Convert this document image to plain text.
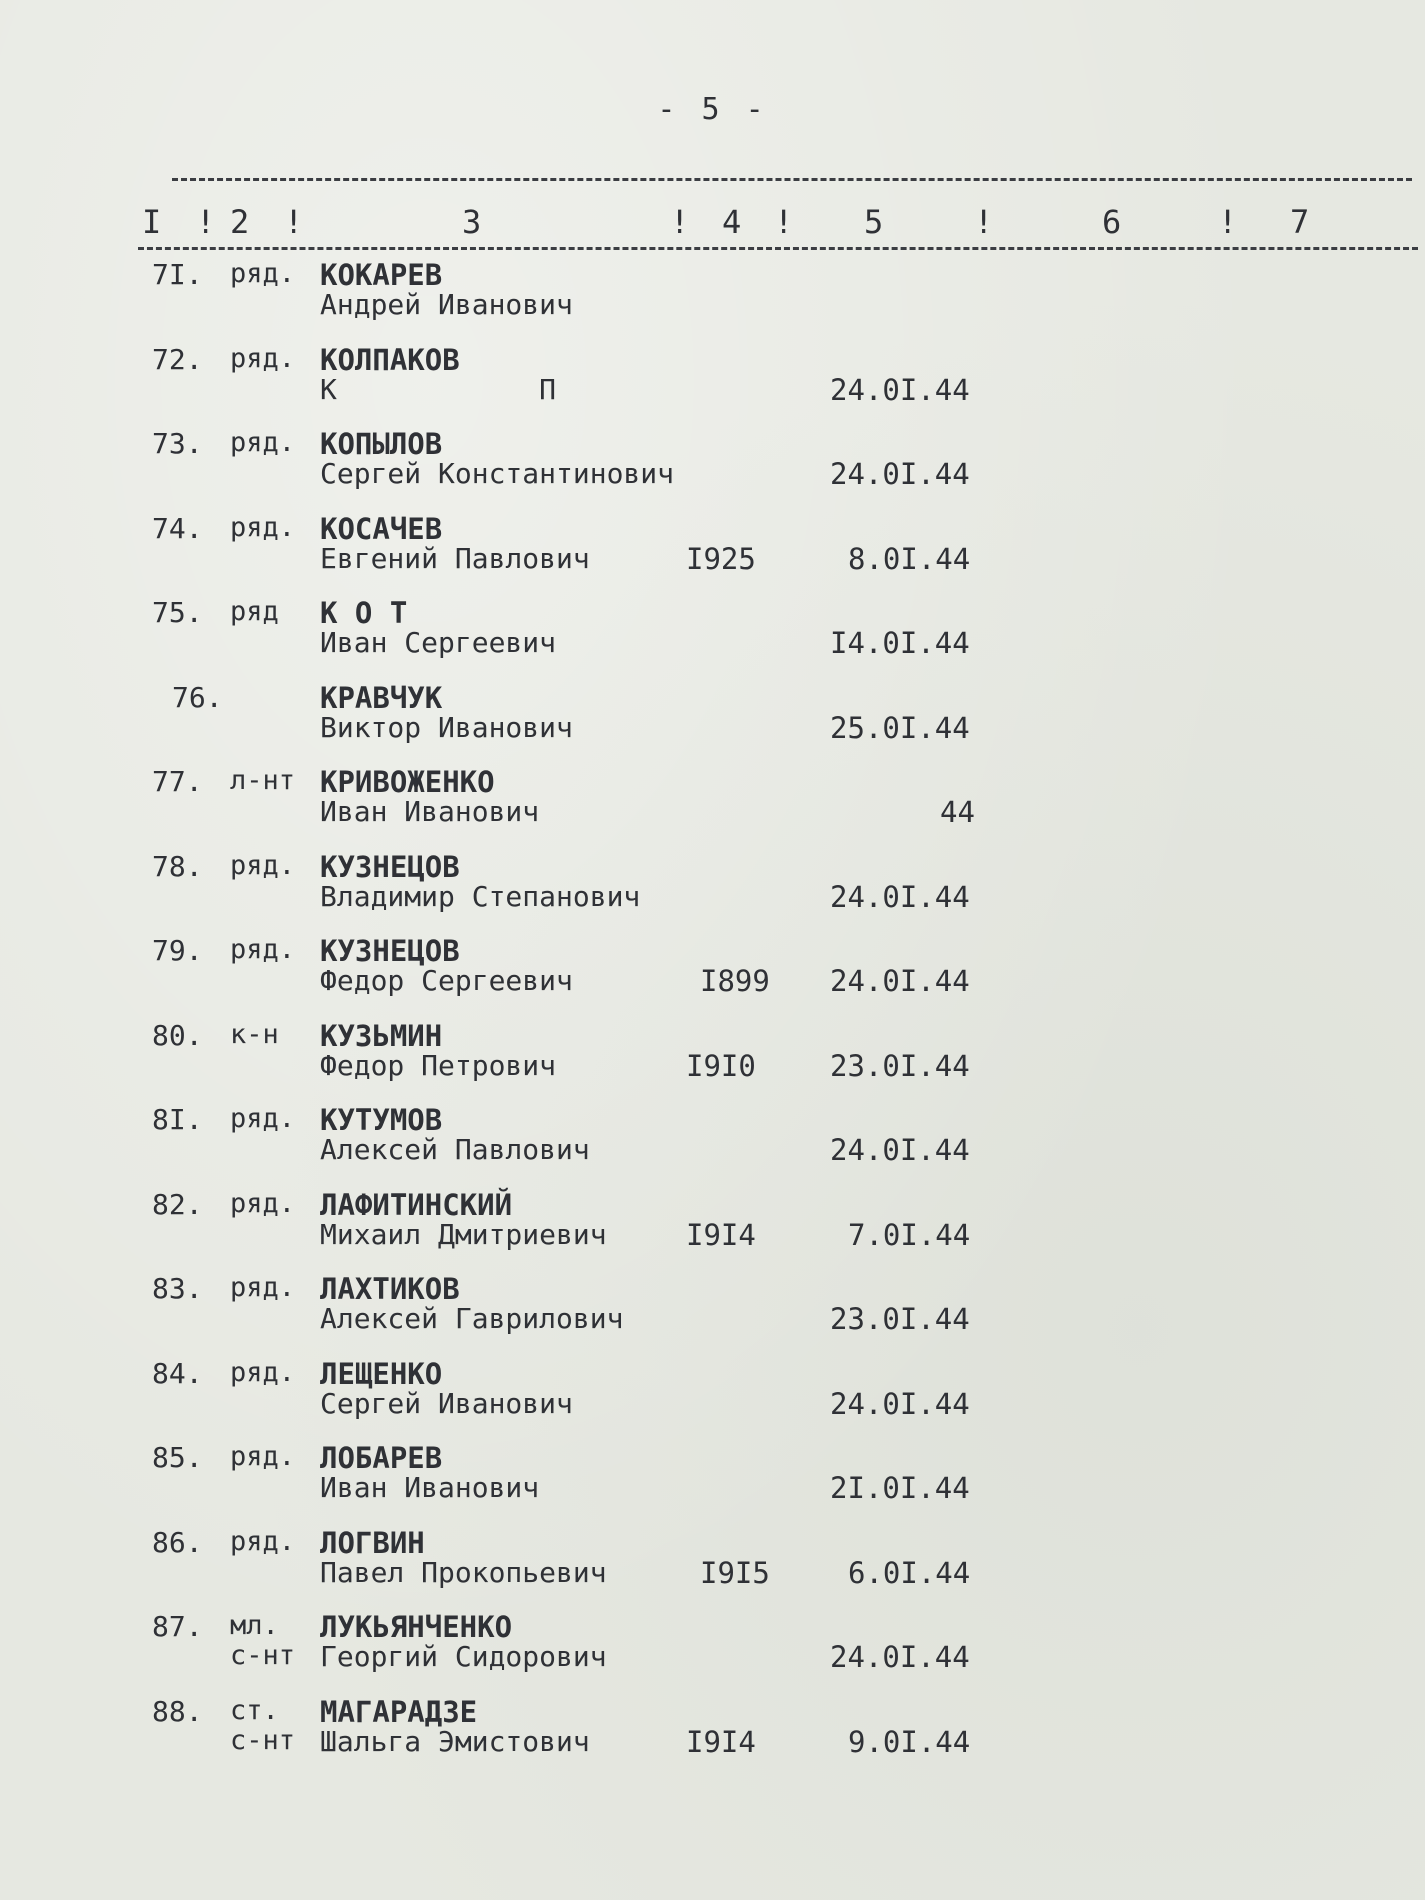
- 5 -
I ! 2 !	3	! 4 ! 5	!	6	! 7
7I. ряд. КОКАРЕВ
Андрей Иванович
72. ряд. КОЛПАКОВ
К            П	24.0I.44
73. ряд. КОПЫЛОВ
Сергей Константинович	24.0I.44
74. ряд. КОСАЧЕВ
Евгений Павлович	I925	8.0I.44
75. ряд К О Т
Иван Сергеевич	I4.0I.44
76.	КРАВЧУК
Виктор Иванович	25.0I.44
77. л-нт КРИВОЖЕНКО
Иван Иванович	44
78. ряд. КУЗНЕЦОВ
Владимир Степанович	24.0I.44
79. ряд. КУЗНЕЦОВ
Федор Сергеевич	I899 24.0I.44
80. к-н КУЗЬМИН
Федор Петрович	I9I0	23.0I.44
8I. ряд. КУТУМОВ
Алексей Павлович	24.0I.44
82. ряд. ЛАФИТИНСКИЙ
Михаил Дмитриевич	I9I4	7.0I.44
83. ряд. ЛАХТИКОВ
Алексей Гаврилович	23.0I.44
84. ряд. ЛЕЩЕНКО
Сергей Иванович	24.0I.44
85. ряд. ЛОБАРЕВ
Иван Иванович	2I.0I.44
86. ряд. ЛОГВИН
Павел Прокопьевич	I9I5	6.0I.44
87. мл.
с-нт
ЛУКЬЯНЧЕНКО
Георгий Сидорович	24.0I.44
88. ст.
с-нт
МАГАРАДЗЕ
Шальга Эмистович	I9I4	9.0I.44
